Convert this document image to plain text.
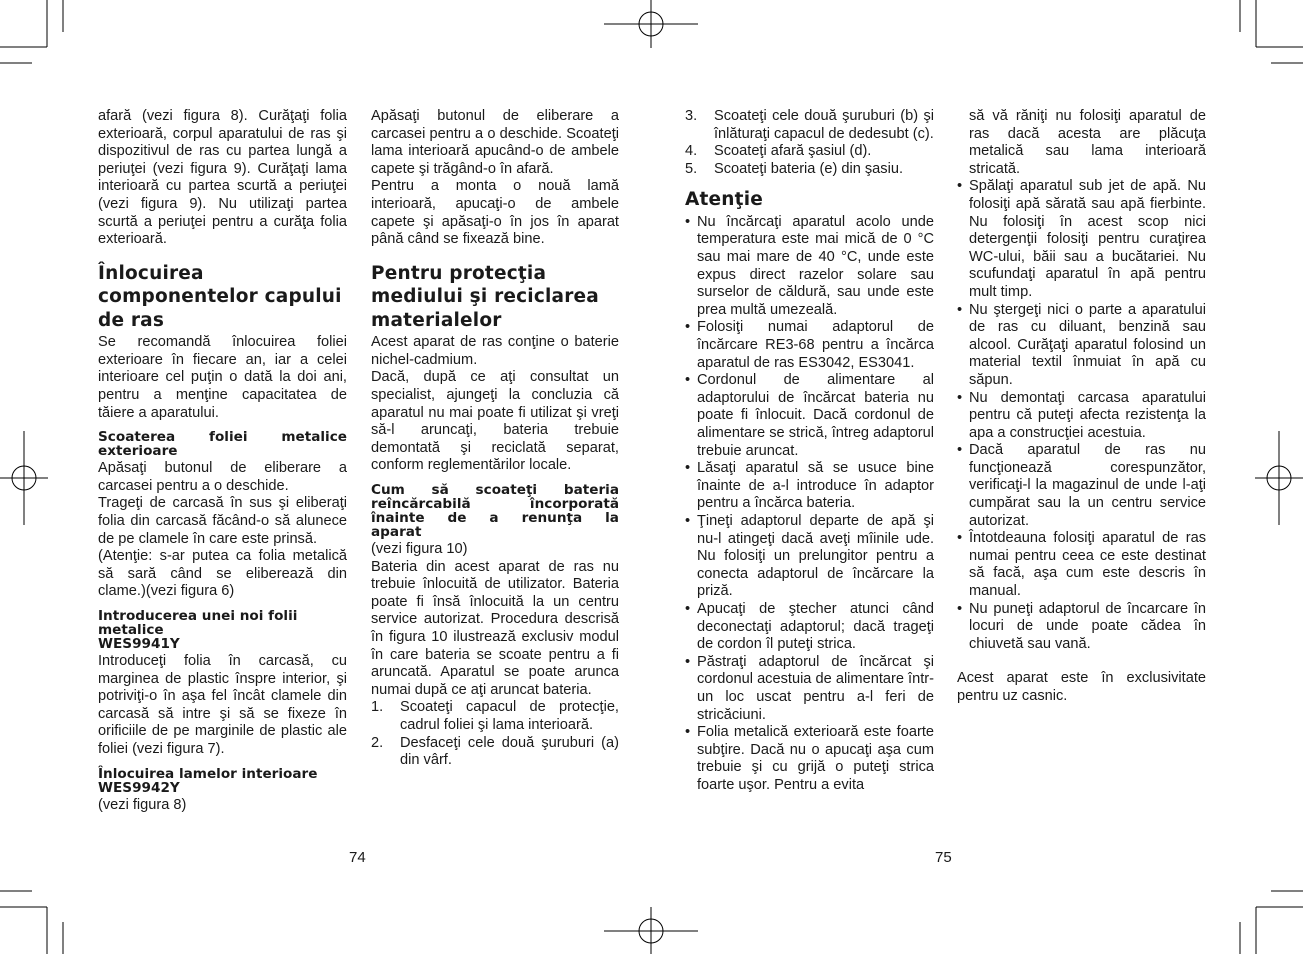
afară (vezi figura 8). Curăţaţi folia exterioară, corpul aparatului de ras şi dispozitivul de ras cu partea lungă a periuţei (vezi figura 9). Curăţaţi lama interioară cu partea scurtă a periuţei (vezi figura 9). Nu utilizaţi partea scurtă a periuţei pentru a curăţa folia exterioară.

Înlocuirea componentelor capului de ras

Se recomandă înlocuirea foliei exterioare în fiecare an, iar a celei interioare cel puţin o dată la doi ani, pentru a menţine capacitatea de tăiere a aparatului.

Scoaterea foliei metalice exterioare

Apăsaţi butonul de eliberare a carcasei pentru a o deschide.

Trageţi de carcasă în sus şi eliberaţi folia din carcasă făcând-o să alunece de pe clamele în care este prinsă.

(Atenţie: s-ar putea ca folia metalică să sară când se eliberează din clame.)(vezi figura 6)

Introducerea unei noi folii metalice
WES9941Y

Introduceţi folia în carcasă, cu marginea de plastic înspre interior, şi potriviţi-o în aşa fel încât clamele din carcasă să intre şi să se fixeze în orificiile de pe marginile de plastic ale foliei (vezi figura 7).

Înlocuirea lamelor interioare
WES9942Y

(vezi figura 8)

Apăsaţi butonul de eliberare a carcasei pentru a o deschide. Scoateţi lama interioară apucând-o de ambele capete şi trăgând-o în afară.

Pentru a monta o nouă lamă interioară, apucaţi-o de ambele capete şi apăsaţi-o în jos în aparat până când se fixează bine.

Pentru protecţia mediului şi reciclarea materialelor

Acest aparat de ras conţine o baterie nichel-cadmium.

Dacă, după ce aţi consultat un specialist, ajungeţi la concluzia că aparatul nu mai poate fi utilizat şi vreţi să-l aruncaţi, bateria trebuie demontată şi reciclată separat, conform reglementărilor locale.

Cum să scoateţi bateria reîncărcabilă încorporată înainte de a renunţa la
aparat

(vezi figura 10)

Bateria din acest aparat de ras nu trebuie înlocuită de utilizator. Bateria poate fi însă înlocuită la un centru service autorizat. Procedura descrisă în figura 10 ilustrează exclusiv modul în care bateria se scoate pentru a fi aruncată. Aparatul se poate arunca numai după ce aţi aruncat bateria.

1. Scoateţi capacul de protecţie, cadrul foliei şi lama interioară.
2. Desfaceţi cele două şuruburi (a) din vârf.
3. Scoateţi cele două şuruburi (b) şi înlăturaţi capacul de dedesubt (c).
4. Scoateţi afară şasiul (d).
5. Scoateţi bateria (e) din şasiu.
Atenţie
• Nu încărcaţi aparatul acolo unde temperatura este mai mică de 0 °C sau mai mare de 40 °C, unde este expus direct razelor solare sau surselor de căldură, sau unde este prea multă umezeală.
• Folosiţi numai adaptorul de încărcare RE3-68 pentru a încărca aparatul de ras ES3042, ES3041.
• Cordonul de alimentare al adaptorului de încărcat bateria nu poate fi înlocuit. Dacă cordonul de alimentare se strică, întreg adaptorul trebuie aruncat.
• Lăsaţi aparatul să se usuce bine înainte de a-l introduce în adaptor pentru a încărca bateria.
• Ţineţi adaptorul departe de apă şi nu-l atingeţi dacă aveţi mîinile ude. Nu folosiţi un prelungitor pentru a conecta adaptorul de încărcare la priză.
• Apucaţi de ştecher atunci când deconectaţi adaptorul; dacă trageţi de cordon îl puteţi strica.
• Păstraţi adaptorul de încărcat şi cordonul acestuia de alimentare într-un loc uscat pentru a-l feri de stricăciuni.
• Folia metalică exterioară este foarte subţire. Dacă nu o apucaţi aşa cum trebuie şi cu grijă o puteţi strica foarte uşor. Pentru a evita

să vă răniţi nu folosiţi aparatul de ras dacă acesta are plăcuţa metalică sau lama interioară stricată.

• Spălaţi aparatul sub jet de apă. Nu folosiţi apă sărată sau apă fierbinte. Nu folosiţi în acest scop nici detergenţii folosiţi pentru curaţirea WC-ului, băii sau a bucătariei. Nu scufundaţi aparatul în apă pentru mult timp.
• Nu ştergeţi nici o parte a aparatului de ras cu diluant, benzină sau alcool. Curăţaţi aparatul folosind un material textil înmuiat în apă cu săpun.
• Nu demontaţi carcasa aparatului pentru că puteţi afecta rezistenţa la apa a construcţiei acestuia.
• Dacă aparatul de ras nu funcţionează corespunzător, verificaţi-l la magazinul de unde l-aţi cumpărat sau la un centru service autorizat.
• Întotdeauna folosiţi aparatul de ras numai pentru ceea ce este destinat să facă, aşa cum este descris în manual.
• Nu puneţi adaptorul de încarcare în locuri de unde poate cădea în chiuvetă sau vană.

Acest aparat este în exclusivitate pentru uz casnic.

74	75
